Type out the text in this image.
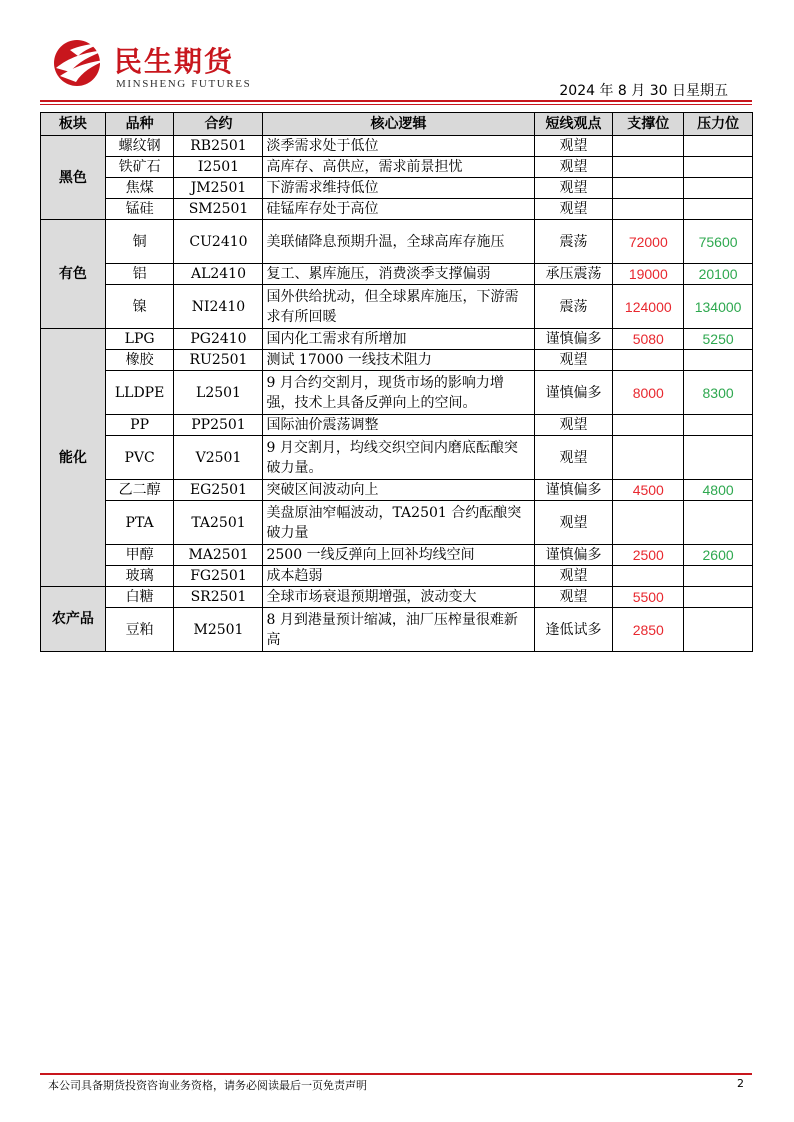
民生期货
MINSHENG FUTURES	2024 年 8 月 30 日星期五
板块	品种	合约	核心逻辑	短线观点	支撑位	压力位
黑色	螺纹钢	RB2501	淡季需求处于低位	观望		
	铁矿石	I2501	高库存、高供应，需求前景担忧	观望		
	焦煤	JM2501	下游需求维持低位	观望		
	锰硅	SM2501	硅锰库存处于高位	观望		
有色	铜	CU2410	美联储降息预期升温，全球高库存施压	震荡	72000	75600
	铝	AL2410	复工、累库施压，消费淡季支撑偏弱	承压震荡	19000	20100
	镍	NI2410	国外供给扰动，但全球累库施压，下游需求有所回暖	震荡	124000	134000
能化	LPG	PG2410	国内化工需求有所增加	谨慎偏多	5080	5250
	橡胶	RU2501	测试 17000 一线技术阻力	观望		
	LLDPE	L2501	9 月合约交割月，现货市场的影响力增强，技术上具备反弹向上的空间。	谨慎偏多	8000	8300
	PP	PP2501	国际油价震荡调整	观望		
	PVC	V2501	9 月交割月，均线交织空间内磨底酝酿突破力量。	观望		
	乙二醇	EG2501	突破区间波动向上	谨慎偏多	4500	4800
	PTA	TA2501	美盘原油窄幅波动，TA2501 合约酝酿突破力量	观望		
	甲醇	MA2501	2500 一线反弹向上回补均线空间	谨慎偏多	2500	2600
	玻璃	FG2501	成本趋弱	观望		
农产品	白糖	SR2501	全球市场衰退预期增强，波动变大	观望	5500	
	豆粕	M2501	8 月到港量预计缩减，油厂压榨量很难新高	逢低试多	2850	
本公司具备期货投资咨询业务资格，请务必阅读最后一页免责声明	2
